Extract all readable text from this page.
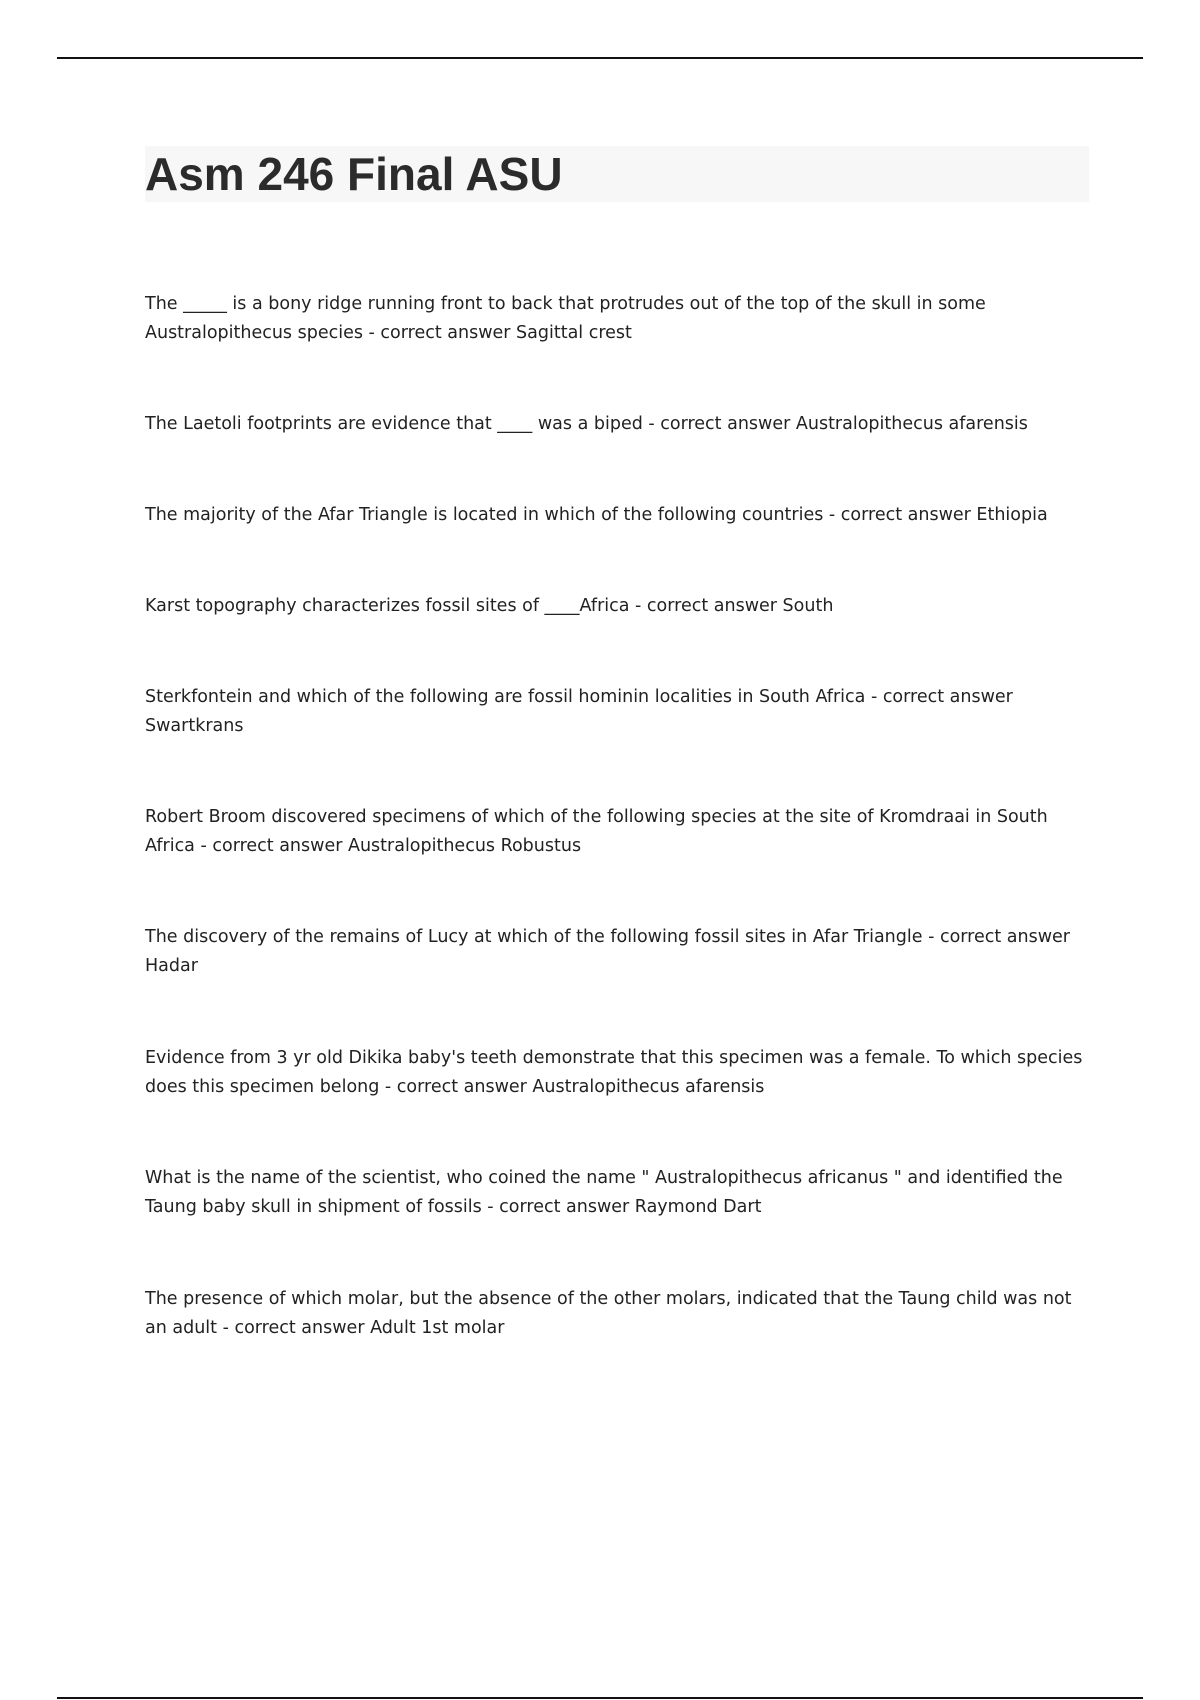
Asm 246 Final ASU
The _____ is a bony ridge running front to back that protrudes out of the top of the skull in some Australopithecus species - correct answer Sagittal crest
The Laetoli footprints are evidence that ____ was a biped - correct answer Australopithecus afarensis
The majority of the Afar Triangle is located in which of the following countries - correct answer Ethiopia
Karst topography characterizes fossil sites of ____Africa - correct answer South
Sterkfontein and which of the following are fossil hominin localities in South Africa - correct answer Swartkrans
Robert Broom discovered specimens of which of the following species at the site of Kromdraai in South Africa - correct answer Australopithecus Robustus
The discovery of the remains of Lucy at which of the following fossil sites in Afar Triangle - correct answer Hadar
Evidence from 3 yr old Dikika baby's teeth demonstrate that this specimen was a female. To which species does this specimen belong - correct answer Australopithecus afarensis
What is the name of the scientist, who coined the name " Australopithecus africanus " and identified the Taung baby skull in shipment of fossils - correct answer Raymond Dart
The presence of which molar, but the absence of the other molars, indicated that the Taung child was not an adult - correct answer Adult 1st molar
